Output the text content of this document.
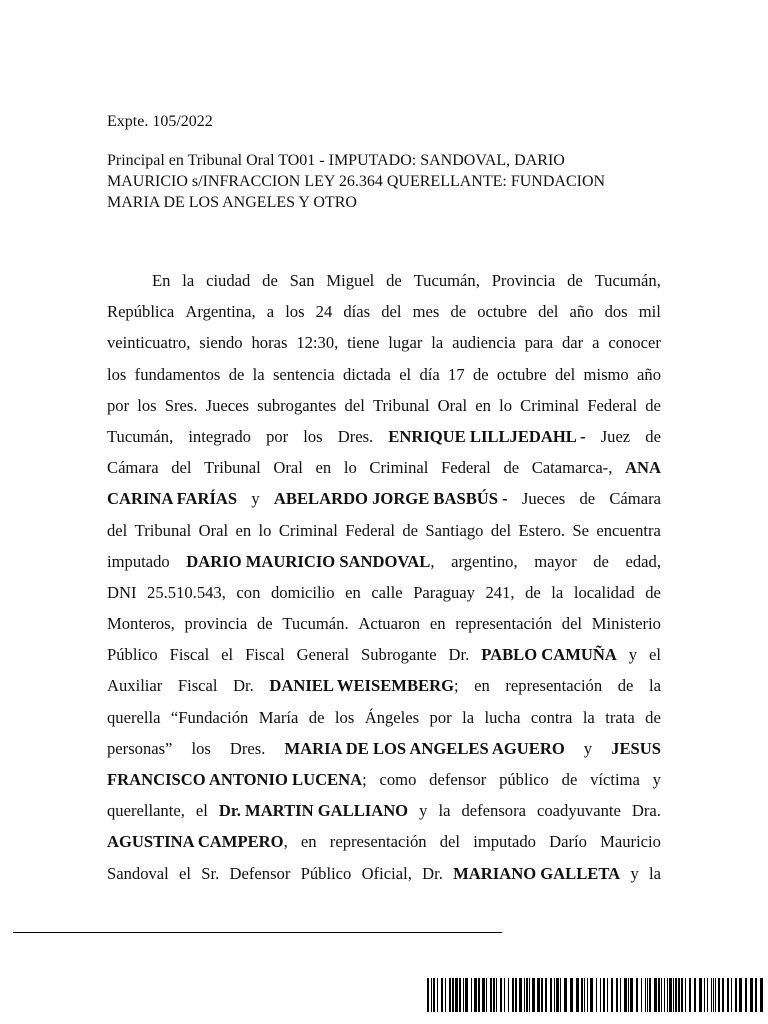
Expte. 105/2022
Principal en Tribunal Oral TO01 - IMPUTADO: SANDOVAL, DARIO
MAURICIO s/INFRACCION LEY 26.364 QUERELLANTE: FUNDACION
MARIA DE LOS ANGELES Y OTRO
En la ciudad de San Miguel de Tucumán, Provincia de Tucumán,
República Argentina, a los 24 días del mes de octubre del año dos mil
veinticuatro, siendo horas 12:30, tiene lugar la audiencia para dar a conocer
los fundamentos de la sentencia dictada el día 17 de octubre del mismo año
por los Sres. Jueces subrogantes del Tribunal Oral en lo Criminal Federal de
Tucumán, integrado por los Dres. ENRIQUE LILLJEDAHL - Juez de
Cámara del Tribunal Oral en lo Criminal Federal de Catamarca-, ANA
CARINA FARÍAS y ABELARDO JORGE BASBÚS - Jueces de Cámara
del Tribunal Oral en lo Criminal Federal de Santiago del Estero. Se encuentra
imputado DARIO MAURICIO SANDOVAL, argentino, mayor de edad,
DNI 25.510.543, con domicilio en calle Paraguay 241, de la localidad de
Monteros, provincia de Tucumán. Actuaron en representación del Ministerio
Público Fiscal el Fiscal General Subrogante Dr. PABLO CAMUÑA y el
Auxiliar Fiscal Dr. DANIEL WEISEMBERG; en representación de la
querella “Fundación María de los Ángeles por la lucha contra la trata de
personas” los Dres. MARIA DE LOS ANGELES AGUERO y JESUS
FRANCISCO ANTONIO LUCENA; como defensor público de víctima y
querellante, el Dr. MARTIN GALLIANO y la defensora coadyuvante Dra.
AGUSTINA CAMPERO, en representación del imputado Darío Mauricio
Sandoval el Sr. Defensor Público Oficial, Dr. MARIANO GALLETA y la
